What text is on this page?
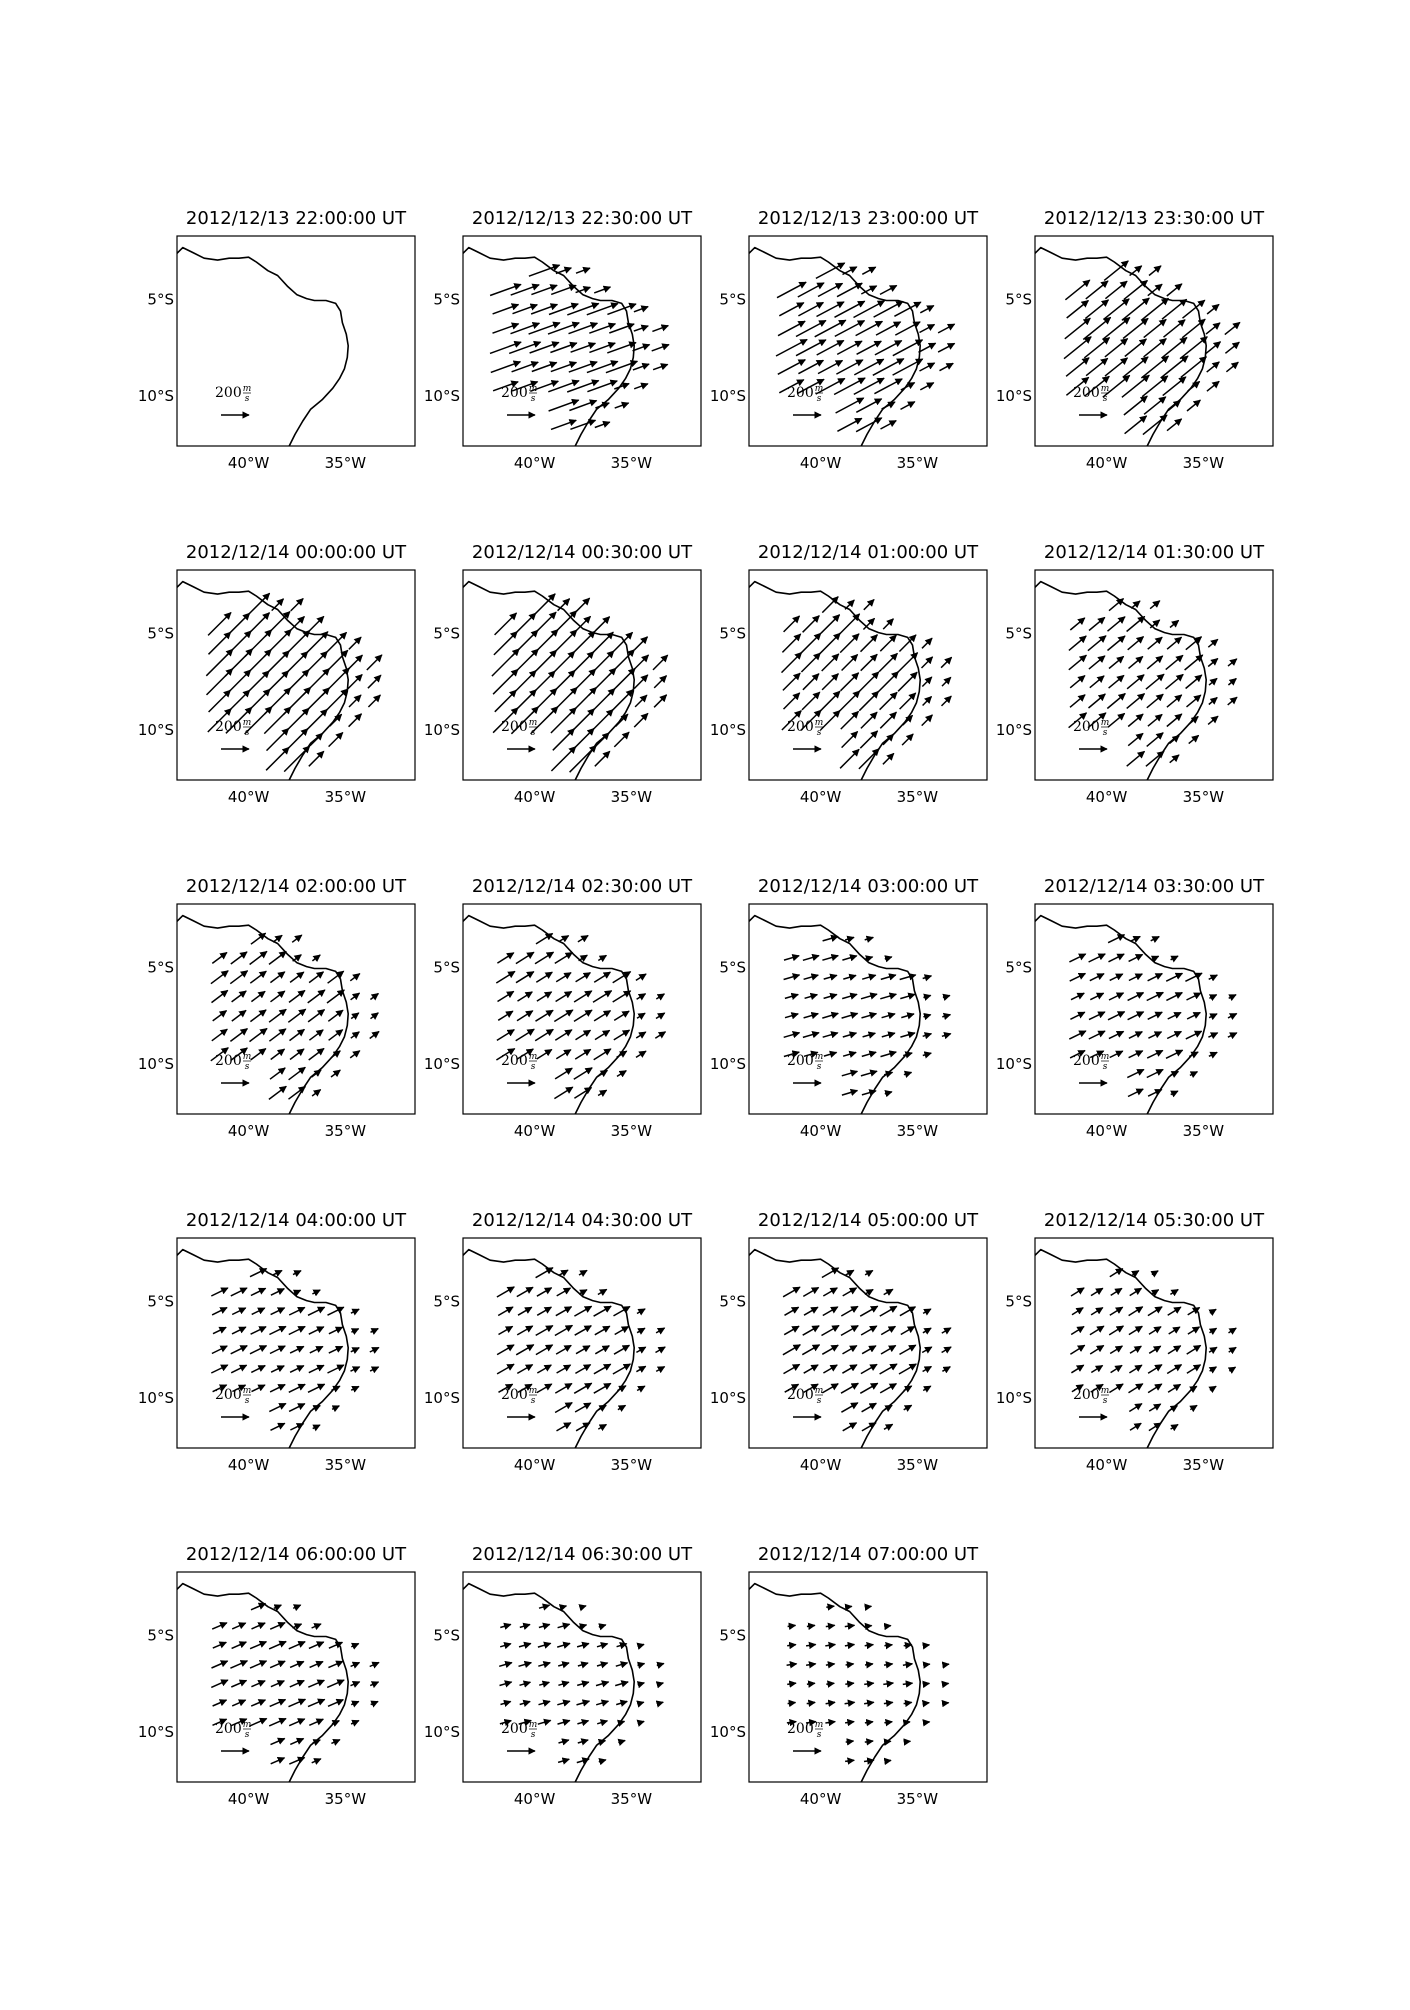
2012/12/13 22:00:00 UT
40°W	35°W
5°S
10°S	200 m
s
2012/12/13 22:30:00 UT
40°W	35°W
5°S
10°S	200 m
s
2012/12/13 23:00:00 UT
40°W	35°W
5°S
10°S	200 m
s
2012/12/13 23:30:00 UT
40°W	35°W
5°S
10°S	200 m
s
2012/12/14 00:00:00 UT
40°W	35°W
5°S
10°S	200 m
s
2012/12/14 00:30:00 UT
40°W	35°W
5°S
10°S	200 m
s
2012/12/14 01:00:00 UT
40°W	35°W
5°S
10°S	200 m
s
2012/12/14 01:30:00 UT
40°W	35°W
5°S
10°S	200 m
s
2012/12/14 02:00:00 UT
40°W	35°W
5°S
10°S	200 m
s
2012/12/14 02:30:00 UT
40°W	35°W
5°S
10°S	200 m
s
2012/12/14 03:00:00 UT
40°W	35°W
5°S
10°S	200 m
s
2012/12/14 03:30:00 UT
40°W	35°W
5°S
10°S	200 m
s
2012/12/14 04:00:00 UT
40°W	35°W
5°S
10°S	200 m
s
2012/12/14 04:30:00 UT
40°W	35°W
5°S
10°S	200 m
s
2012/12/14 05:00:00 UT
40°W	35°W
5°S
10°S	200 m
s
2012/12/14 05:30:00 UT
40°W	35°W
5°S
10°S	200 m
s
2012/12/14 06:00:00 UT
40°W	35°W
5°S
10°S	200 m
s
2012/12/14 06:30:00 UT
40°W	35°W
5°S
10°S	200 m
s
2012/12/14 07:00:00 UT
40°W	35°W
5°S
10°S	200 m
s
